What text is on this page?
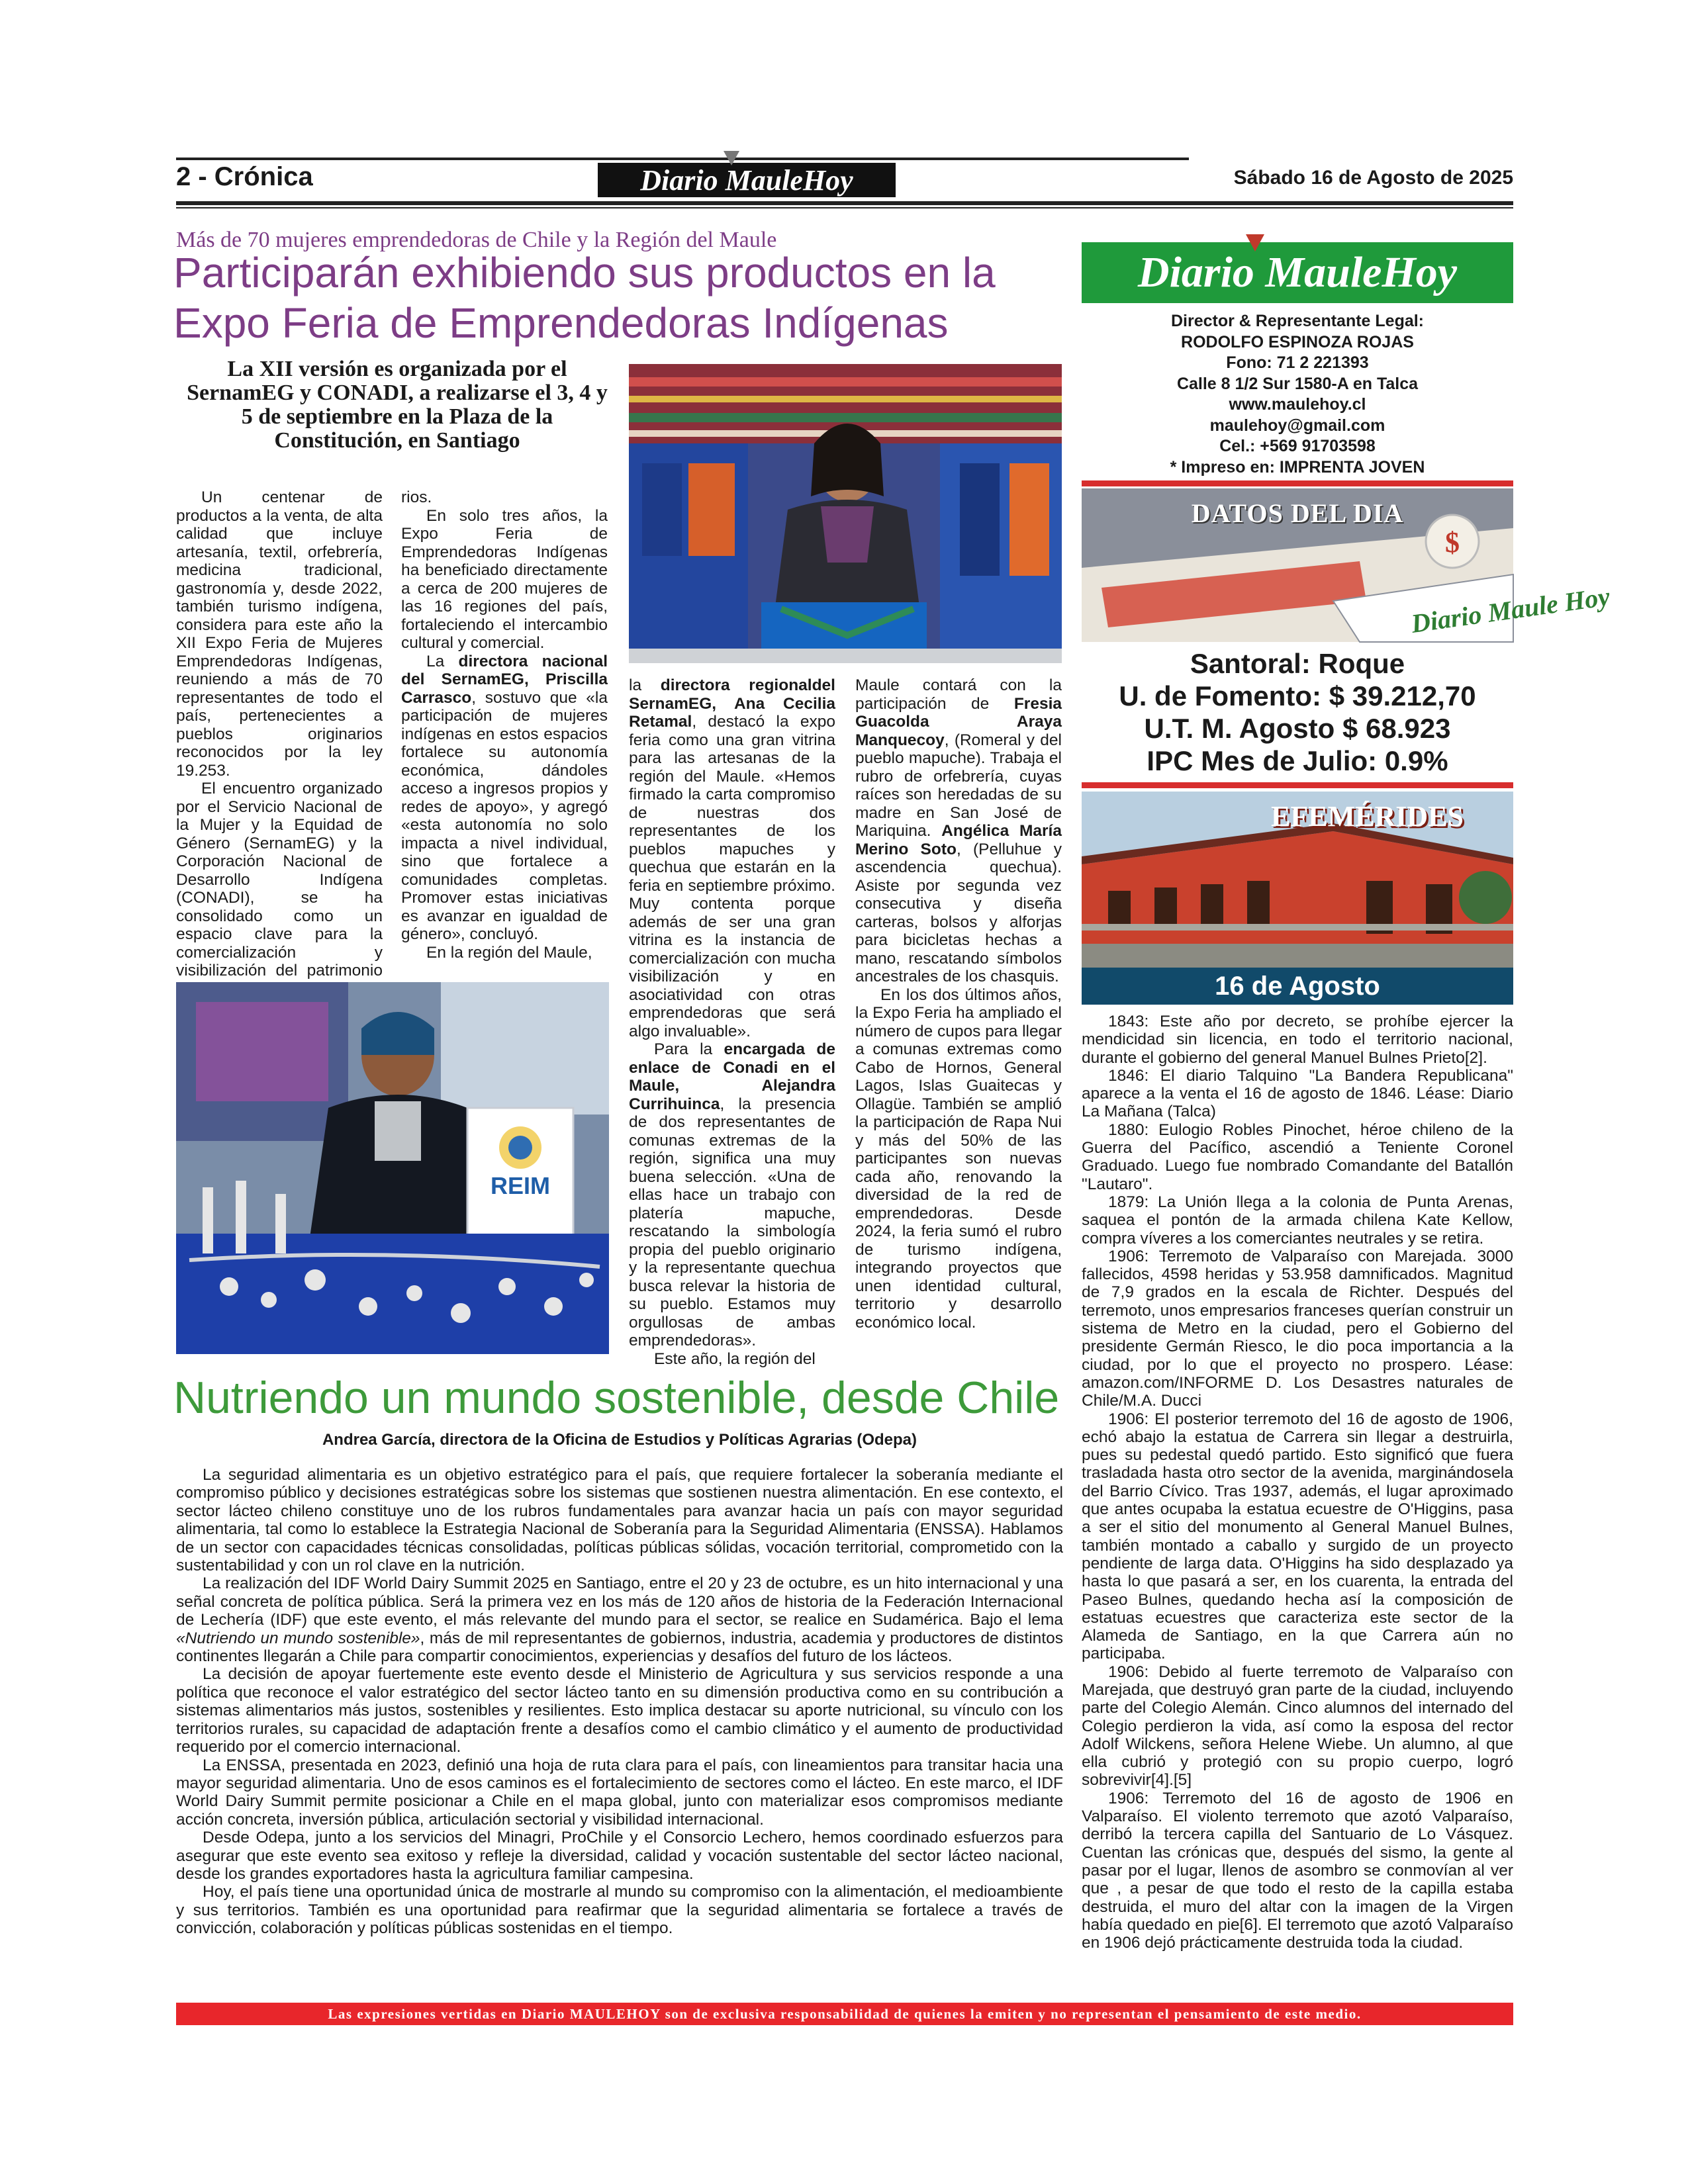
2 - Crónica	Diario MauleHoy	Sábado 16 de Agosto de 2025
Más de 70 mujeres emprendedoras de Chile y la Región del Maule
Participarán exhibiendo sus productos en la Expo Feria de Emprendedoras Indígenas
La XII versión es organizada por el SernamEG y CONADI, a realizarse el 3, 4 y 5 de septiembre en la Plaza de la Constitución, en Santiago

Un centenar de productos a la venta, de alta calidad que incluye artesanía, textil, orfebrería, medicina tradicional, gastronomía y, desde 2022, también turismo indígena, considera para este año la XII Expo Feria de Mujeres Emprendedoras Indígenas, reuniendo a más de 70 representantes de todo el país, pertenecientes a pueblos originarios reconocidos por la ley 19.253.

El encuentro organizado por el Servicio Nacional de la Mujer y la Equidad de Género (SernamEG) y la Corporación Nacional de Desarrollo Indígena (CONADI), se ha consolidado como un espacio clave para la comercialización y visibilización del patrimonio

rios.

En solo tres años, la Expo Feria de Emprendedoras Indígenas ha beneficiado directamente a cerca de 200 mujeres de las 16 regiones del país, fortaleciendo el intercambio cultural y comercial.

La directora nacional del SernamEG, Priscilla Carrasco, sostuvo que «la participación de mujeres indígenas en estos espacios fortalece su autonomía económica, dándoles acceso a ingresos propios y redes de apoyo», y agregó «esta autonomía no solo impacta a nivel individual, sino que fortalece a comunidades completas. Promover estas iniciativas es avanzar en igualdad de género», concluyó.

En la región del Maule,

REIM

la directora regionaldel SernamEG, Ana Cecilia Retamal, destacó la expo feria como una gran vitrina para las artesanas de la región del Maule. «Hemos firmado la carta compromiso de nuestras dos representantes de los pueblos mapuches y quechua que estarán en la feria en septiembre próximo. Muy contenta porque además de ser una gran vitrina es la instancia de comercialización con mucha visibilización y en asociatividad con otras emprendedoras que será algo invaluable».

Para la encargada de enlace de Conadi en el Maule, Alejandra Currihuinca, la presencia de dos representantes de comunas extremas de la región, significa una muy buena selección. «Una de ellas hace un trabajo con platería mapuche, rescatando la simbología propia del pueblo originario y la representante quechua busca relevar la historia de su pueblo. Estamos muy orgullosas de ambas emprendedoras».

Este año, la región del

Maule contará con la participación de Fresia Guacolda Araya Manquecoy, (Romeral y del pueblo mapuche). Trabaja el rubro de orfebrería, cuyas raíces son heredadas de su madre en San José de Mariquina. Angélica María Merino Soto, (Pelluhue y ascendencia quechua). Asiste por segunda vez consecutiva y diseña carteras, bolsos y alforjas para bicicletas hechas a mano, rescatando símbolos ancestrales de los chasquis.

En los dos últimos años, la Expo Feria ha ampliado el número de cupos para llegar a comunas extremas como Cabo de Hornos, General Lagos, Islas Guaitecas y Ollagüe. También se amplió la participación de Rapa Nui y más del 50% de las participantes son nuevas cada año, renovando la diversidad de la red de emprendedoras. Desde 2024, la feria sumó el rubro de turismo indígena, integrando proyectos que unen identidad cultural, territorio y desarrollo económico local.

Nutriendo un mundo sostenible, desde Chile
Andrea García, directora de la Oficina de Estudios y Políticas Agrarias (Odepa)

La seguridad alimentaria es un objetivo estratégico para el país, que requiere fortalecer la soberanía mediante el compromiso público y decisiones estratégicas sobre los sistemas que sostienen nuestra alimentación. En ese contexto, el sector lácteo chileno constituye uno de los rubros fundamentales para avanzar hacia un país con mayor seguridad alimentaria, tal como lo establece la Estrategia Nacional de Soberanía para la Seguridad Alimentaria (ENSSA). Hablamos de un sector con capacidades técnicas consolidadas, políticas públicas sólidas, vocación territorial, comprometido con la sustentabilidad y con un rol clave en la nutrición.

La realización del IDF World Dairy Summit 2025 en Santiago, entre el 20 y 23 de octubre, es un hito internacional y una señal concreta de política pública. Será la primera vez en los más de 120 años de historia de la Federación Internacional de Lechería (IDF) que este evento, el más relevante del mundo para el sector, se realice en Sudamérica. Bajo el lema «Nutriendo un mundo sostenible», más de mil representantes de gobiernos, industria, academia y productores de distintos continentes llegarán a Chile para compartir conocimientos, experiencias y desafíos del futuro de los lácteos.

La decisión de apoyar fuertemente este evento desde el Ministerio de Agricultura y sus servicios responde a una política que reconoce el valor estratégico del sector lácteo tanto en su dimensión productiva como en su contribución a sistemas alimentarios más justos, sostenibles y resilientes. Esto implica destacar su aporte nutricional, su vínculo con los territorios rurales, su capacidad de adaptación frente a desafíos como el cambio climático y el aumento de productividad requerido por el comercio internacional.

La ENSSA, presentada en 2023, definió una hoja de ruta clara para el país, con lineamientos para transitar hacia una mayor seguridad alimentaria. Uno de esos caminos es el fortalecimiento de sectores como el lácteo. En este marco, el IDF World Dairy Summit permite posicionar a Chile en el mapa global, junto con materializar esos compromisos mediante acción concreta, inversión pública, articulación sectorial y visibilidad internacional.

Desde Odepa, junto a los servicios del Minagri, ProChile y el Consorcio Lechero, hemos coordinado esfuerzos para asegurar que este evento sea exitoso y refleje la diversidad, calidad y vocación sustentable del sector lácteo nacional, desde los grandes exportadores hasta la agricultura familiar campesina.

Hoy, el país tiene una oportunidad única de mostrarle al mundo su compromiso con la alimentación, el medioambiente y sus territorios. También es una oportunidad para reafirmar que la seguridad alimentaria se fortalece a través de convicción, colaboración y políticas públicas sostenidas en el tiempo.

Diario MauleHoy
Director & Representante Legal:
RODOLFO ESPINOZA ROJAS
Fono: 71 2 221393
Calle 8 1/2 Sur 1580-A en Talca
www.maulehoy.cl
maulehoy@gmail.com
Cel.: +569 91703598
* Impreso en: IMPRENTA JOVEN
Diario Maule Hoy
$
DATOS DEL DIA
Santoral: Roque
U. de Fomento: $ 39.212,70
U.T. M. Agosto $ 68.923
IPC Mes de Julio: 0.9%
EFEMÉRIDES
16 de Agosto

1843: Este año por decreto, se prohíbe ejercer la mendicidad sin licencia, en todo el territorio nacional, durante el gobierno del general Manuel Bulnes Prieto[2].

1846: El diario Talquino "La Bandera Republicana" aparece a la venta el 16 de agosto de 1846. Léase: Diario La Mañana (Talca)

1880: Eulogio Robles Pinochet, héroe chileno de la Guerra del Pacífico, ascendió a Teniente Coronel Graduado. Luego fue nombrado Comandante del Batallón "Lautaro".

1879: La Unión llega a la colonia de Punta Arenas, saquea el pontón de la armada chilena Kate Kellow, compra víveres a los comerciantes neutrales y se retira.

1906: Terremoto de Valparaíso con Marejada. 3000 fallecidos, 4598 heridas y 53.958 damnificados. Magnitud de 7,9 grados en la escala de Richter. Después del terremoto, unos empresarios franceses querían construir un sistema de Metro en la ciudad, pero el Gobierno del presidente Germán Riesco, le dio poca importancia a la ciudad, por lo que el proyecto no prospero. Léase: amazon.com/INFORME D. Los Desastres naturales de Chile/M.A. Ducci

1906: El posterior terremoto del 16 de agosto de 1906, echó abajo la estatua de Carrera sin llegar a destruirla, pues su pedestal quedó partido. Esto significó que fuera trasladada hasta otro sector de la avenida, marginándosela del Barrio Cívico. Tras 1937, además, el lugar aproximado que antes ocupaba la estatua ecuestre de O'Higgins, pasa a ser el sitio del monumento al General Manuel Bulnes, también montado a caballo y surgido de un proyecto pendiente de larga data. O'Higgins ha sido desplazado ya hasta lo que pasará a ser, en los cuarenta, la entrada del Paseo Bulnes, quedando hecha así la composición de estatuas ecuestres que caracteriza este sector de la Alameda de Santiago, en la que Carrera aún no participaba.

1906: Debido al fuerte terremoto de Valparaíso con Marejada, que destruyó gran parte de la ciudad, incluyendo parte del Colegio Alemán. Cinco alumnos del internado del Colegio perdieron la vida, así como la esposa del rector Adolf Wilckens, señora Helene Wiebe. Un alumno, al que ella cubrió y protegió con su propio cuerpo, logró sobrevivir[4].[5]

1906: Terremoto del 16 de agosto de 1906 en Valparaíso. El violento terremoto que azotó Valparaíso, derribó la tercera capilla del Santuario de Lo Vásquez. Cuentan las crónicas que, después del sismo, la gente al pasar por el lugar, llenos de asombro se conmovían al ver que , a pesar de que todo el resto de la capilla estaba destruida, el muro del altar con la imagen de la Virgen había quedado en pie[6]. El terremoto que azotó Valparaíso en 1906 dejó prácticamente destruida toda la ciudad.

Las expresiones vertidas en Diario MAULEHOY son de exclusiva responsabilidad de quienes la emiten y no representan el pensamiento de este medio.
